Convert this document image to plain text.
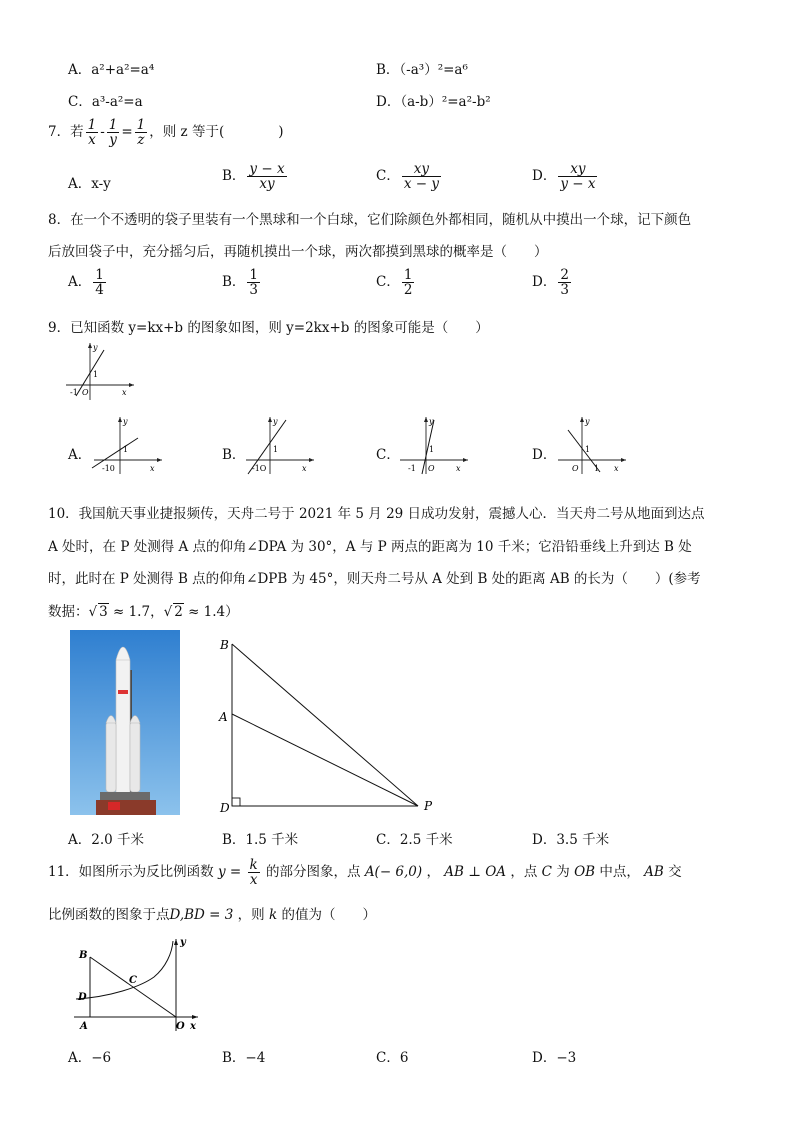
A．a²+a²=a⁴	B．（-a³）²=a⁶
C．a³-a²=a	D．（a-b）²=a²-b²
7．若 $\frac{1}{x} - \frac{1}{y} = \frac{1}{z}$ ，则 z 等于(　　　　)
A．x-y	B． $\frac{y - x}{xy}$	C． $\frac{xy}{x - y}$	D． $\frac{xy}{y - x}$
8．在一个不透明的袋子里装有一个黑球和一个白球，它们除颜色外都相同，随机从中摸出一个球，记下颜色
后放回袋子中，充分摇匀后，再随机摸出一个球，两次都摸到黑球的概率是（　　）
A． $\frac{1}{4}$	B． $\frac{1}{3}$	C． $\frac{1}{2}$	D． $\frac{2}{3}$
9．已知函数 y=kx+b 的图象如图，则 y=2kx+b 的图象可能是（　　）
y
x
1
-1 O
A．
y
x
1
-10
B．
y
x
1
-1O
C．
y
x
1
-1 O
D．
y
x
1
O 1
10．我国航天事业捷报频传，天舟二号于 2021 年 5 月 29 日成功发射，震撼人心．当天舟二号从地面到达点
A 处时，在 P 处测得 A 点的仰角∠DPA 为 30°，A 与 P 两点的距离为 10 千米；它沿铅垂线上升到达 B 处
时，此时在 P 处测得 B 点的仰角∠DPB 为 45°，则天舟二号从 A 处到 B 处的距离 AB 的长为（　　）(参考
数据：√ 3 ≈ 1.7，√ 2 ≈ 1.4）
B
A
D	P
A．2.0 千米	B．1.5 千米	C．2.5 千米	D．3.5 千米
11．如图所示为反比例函数 $y = \frac{k}{x}$ 的部分图象，点 A(− 6,0) ， AB ⊥ OA ，点 C 为 OB 中点， AB 交
比例函数的图象于点D,BD = 3 ，则 k 的值为（　　）
B
C
D
A	O x
y
A．−6	B．−4	C．6	D．−3
